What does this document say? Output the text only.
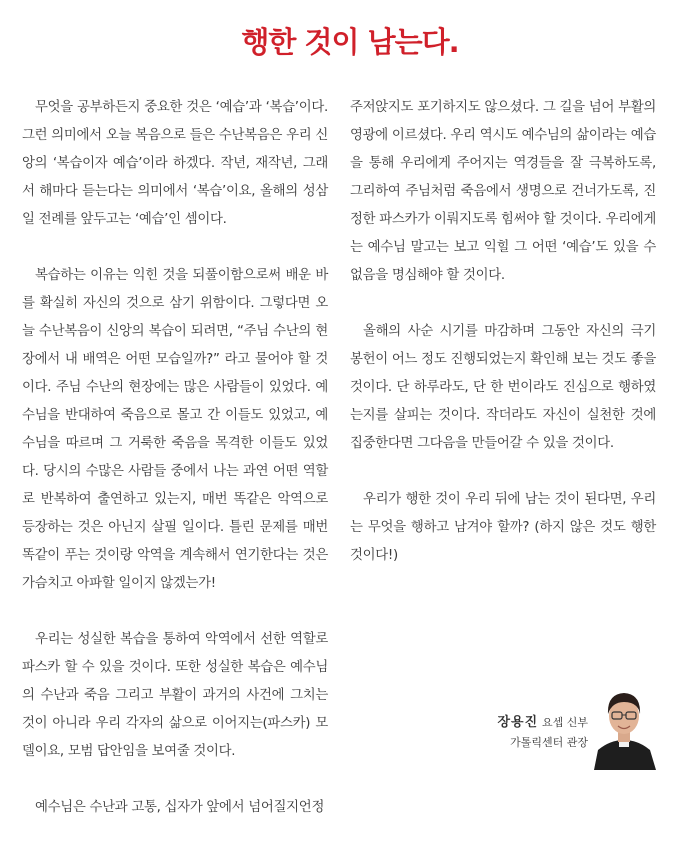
행한 것이 남는다.

무엇을 공부하든지 중요한 것은 ‘예습’과 ‘복습’이다. 그런 의미에서 오늘 복음으로 들은 수난복음은 우리 신앙의 ‘복습이자 예습’이라 하겠다. 작년, 재작년, 그래서 해마다 듣는다는 의미에서 ‘복습’이요, 올해의 성삼일 전례를 앞두고는 ‘예습’인 셈이다.

복습하는 이유는 익힌 것을 되풀이함으로써 배운 바를 확실히 자신의 것으로 삼기 위함이다. 그렇다면 오늘 수난복음이 신앙의 복습이 되려면, “주님 수난의 현장에서 내 배역은 어떤 모습일까?” 라고 물어야 할 것이다. 주님 수난의 현장에는 많은 사람들이 있었다. 예수님을 반대하여 죽음으로 몰고 간 이들도 있었고, 예수님을 따르며 그 거룩한 죽음을 목격한 이들도 있었다. 당시의 수많은 사람들 중에서 나는 과연 어떤 역할로 반복하여 출연하고 있는지, 매번 똑같은 악역으로 등장하는 것은 아닌지 살필 일이다. 틀린 문제를 매번 똑같이 푸는 것이랑 악역을 계속해서 연기한다는 것은 가슴치고 아파할 일이지 않겠는가!

우리는 성실한 복습을 통하여 악역에서 선한 역할로 파스카 할 수 있을 것이다. 또한 성실한 복습은 예수님의 수난과 죽음 그리고 부활이 과거의 사건에 그치는 것이 아니라 우리 각자의 삶으로 이어지는(파스카) 모델이요, 모범 답안임을 보여줄 것이다.

예수님은 수난과 고통, 십자가 앞에서 넘어질지언정

주저앉지도 포기하지도 않으셨다. 그 길을 넘어 부활의 영광에 이르셨다. 우리 역시도 예수님의 삶이라는 예습을 통해 우리에게 주어지는 역경들을 잘 극복하도록, 그리하여 주님처럼 죽음에서 생명으로 건너가도록, 진정한 파스카가 이뤄지도록 힘써야 할 것이다. 우리에게는 예수님 말고는 보고 익힐 그 어떤 ‘예습’도 있을 수 없음을 명심해야 할 것이다.

올해의 사순 시기를 마감하며 그동안 자신의 극기 봉헌이 어느 정도 진행되었는지 확인해 보는 것도 좋을 것이다. 단 하루라도, 단 한 번이라도 진심으로 행하였는지를 살피는 것이다. 작더라도 자신이 실천한 것에 집중한다면 그다음을 만들어갈 수 있을 것이다.

우리가 행한 것이 우리 뒤에 남는 것이 된다면, 우리는 무엇을 행하고 남겨야 할까? (하지 않은 것도 행한 것이다!)

장용진 요셉 신부
가톨릭센터 관장
